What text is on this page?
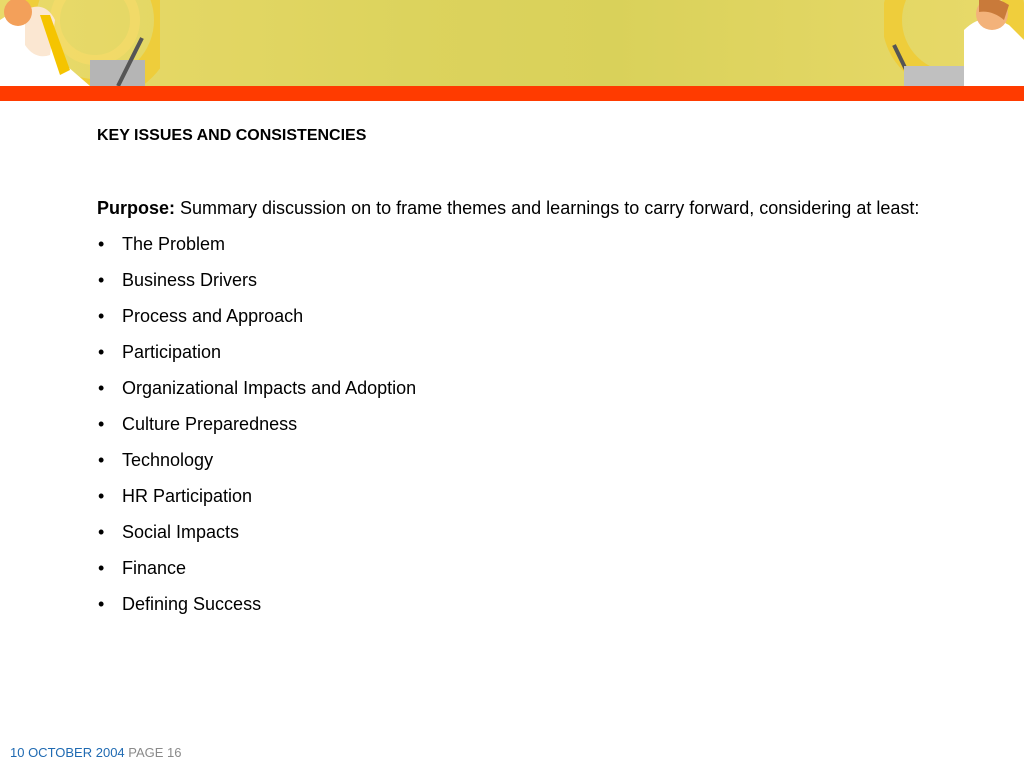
KEY ISSUES AND CONSISTENCIES

Purpose: Summary discussion on to frame themes and learnings to carry forward, considering at least:
• The Problem
• Business Drivers
• Process and Approach
• Participation
• Organizational Impacts and Adoption
• Culture Preparedness
• Technology
• HR Participation
• Social Impacts
• Finance
• Defining Success
10 OCTOBER 2004 PAGE 16
